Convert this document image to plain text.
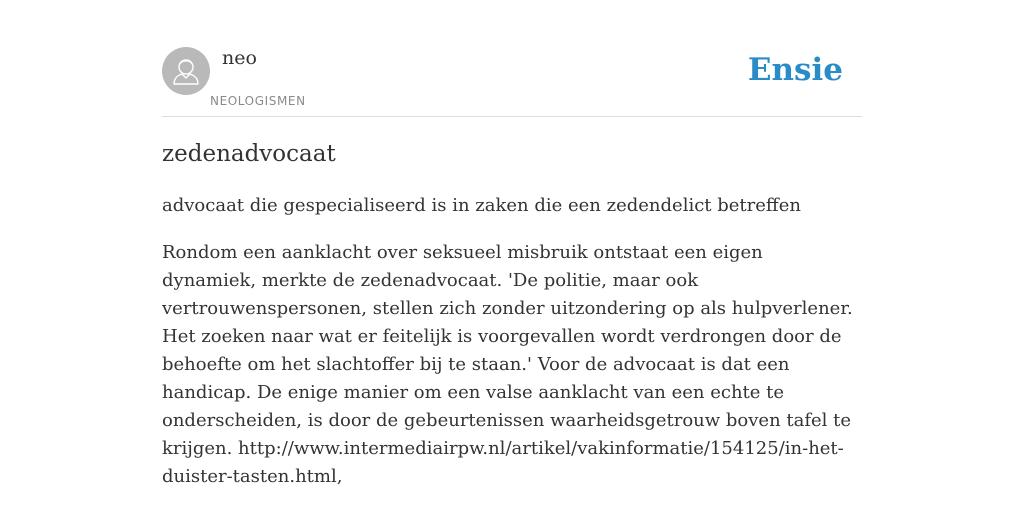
neo
NEOLOGISMEN
Ensie
zedenadvocaat

advocaat die gespecialiseerd is in zaken die een zedendelict betreffen

Rondom een aanklacht over seksueel misbruik ontstaat een eigen dynamiek, merkte de zedenadvocaat. 'De politie, maar ook vertrouwenspersonen, stellen zich zonder uitzondering op als hulpverlener. Het zoeken naar wat er feitelijk is voorgevallen wordt verdrongen door de behoefte om het slachtoffer bij te staan.' Voor de advocaat is dat een handicap. De enige manier om een valse aanklacht van een echte te onderscheiden, is door de gebeurtenissen waarheidsgetrouw boven tafel te krijgen. http://www.intermediairpw.nl/artikel/vakinformatie/154125/in-het-duister-tasten.html,
